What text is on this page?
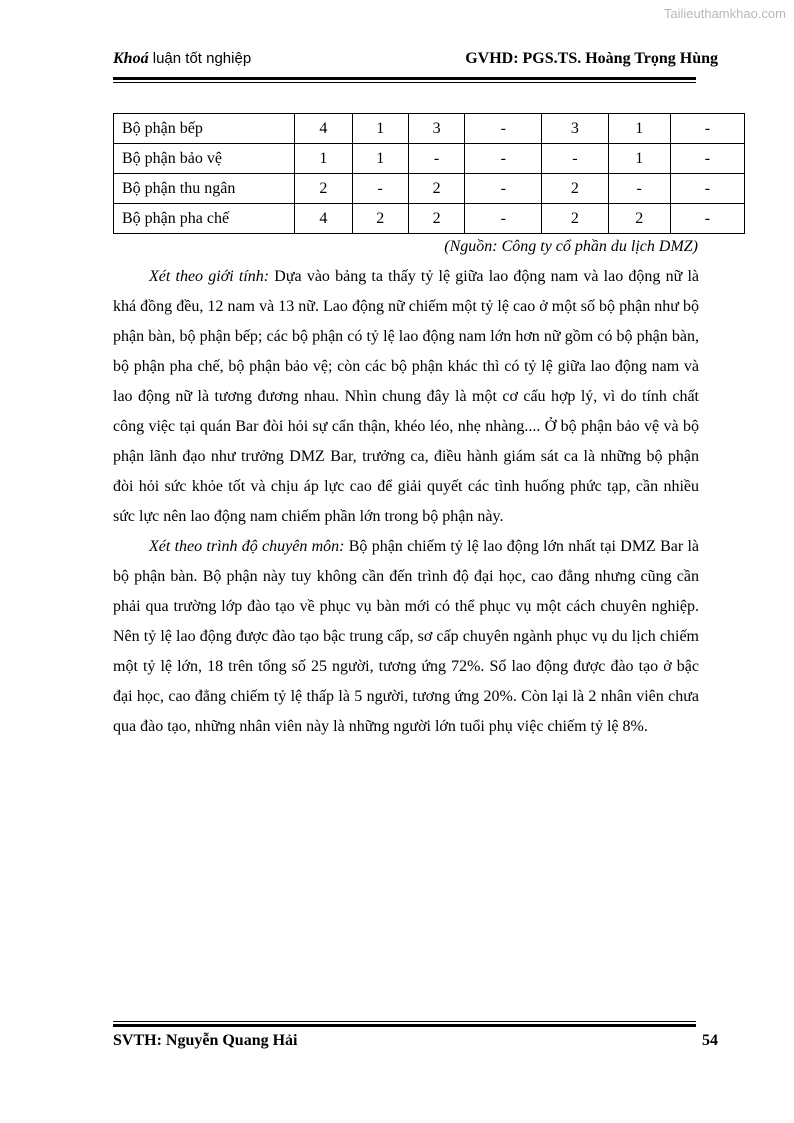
Tailieuthamkhao.com
Khoá luận tốt nghiệp	GVHD: PGS.TS. Hoàng Trọng Hùng
Bộ phận bếp	4	1	3	-	3	1	-
Bộ phận bảo vệ	1	1	-	-	-	1	-
Bộ phận thu ngân	2	-	2	-	2	-	-
Bộ phận pha chế	4	2	2	-	2	2	-
(Nguồn: Công ty cổ phần du lịch DMZ)

Xét theo giới tính: Dựa vào bảng ta thấy tỷ lệ giữa lao động nam và lao động nữ là khá đồng đều, 12 nam và 13 nữ. Lao động nữ chiếm một tỷ lệ cao ở một số bộ phận như bộ phận bàn, bộ phận bếp; các bộ phận có tỷ lệ lao động nam lớn hơn nữ gồm có bộ phận bàn, bộ phận pha chế, bộ phận bảo vệ; còn các bộ phận khác thì có tỷ lệ giữa lao động nam và lao động nữ là tương đương nhau. Nhìn chung đây là một cơ cấu hợp lý, vì do tính chất công việc tại quán Bar đòi hỏi sự cẩn thận, khéo léo, nhẹ nhàng.... Ở bộ phận bảo vệ và bộ phận lãnh đạo như trưởng DMZ Bar, trưởng ca, điều hành giám sát ca là những bộ phận đòi hỏi sức khỏe tốt và chịu áp lực cao để giải quyết các tình huống phức tạp, cần nhiều sức lực nên lao động nam chiếm phần lớn trong bộ phận này.

Xét theo trình độ chuyên môn: Bộ phận chiếm tỷ lệ lao động lớn nhất tại DMZ Bar là bộ phận bàn. Bộ phận này tuy không cần đến trình độ đại học, cao đẳng nhưng cũng cần phải qua trường lớp đào tạo về phục vụ bàn mới có thể phục vụ một cách chuyên nghiệp. Nên tỷ lệ lao động được đào tạo bậc trung cấp, sơ cấp chuyên ngành phục vụ du lịch chiếm một tỷ lệ lớn, 18 trên tổng số 25 người, tương ứng 72%. Số lao động được đào tạo ở bậc đại học, cao đẳng chiếm tỷ lệ thấp là 5 người, tương ứng 20%. Còn lại là 2 nhân viên chưa qua đào tạo, những nhân viên này là những người lớn tuổi phụ việc chiếm tỷ lệ 8%.

SVTH: Nguyễn Quang Hải	54
